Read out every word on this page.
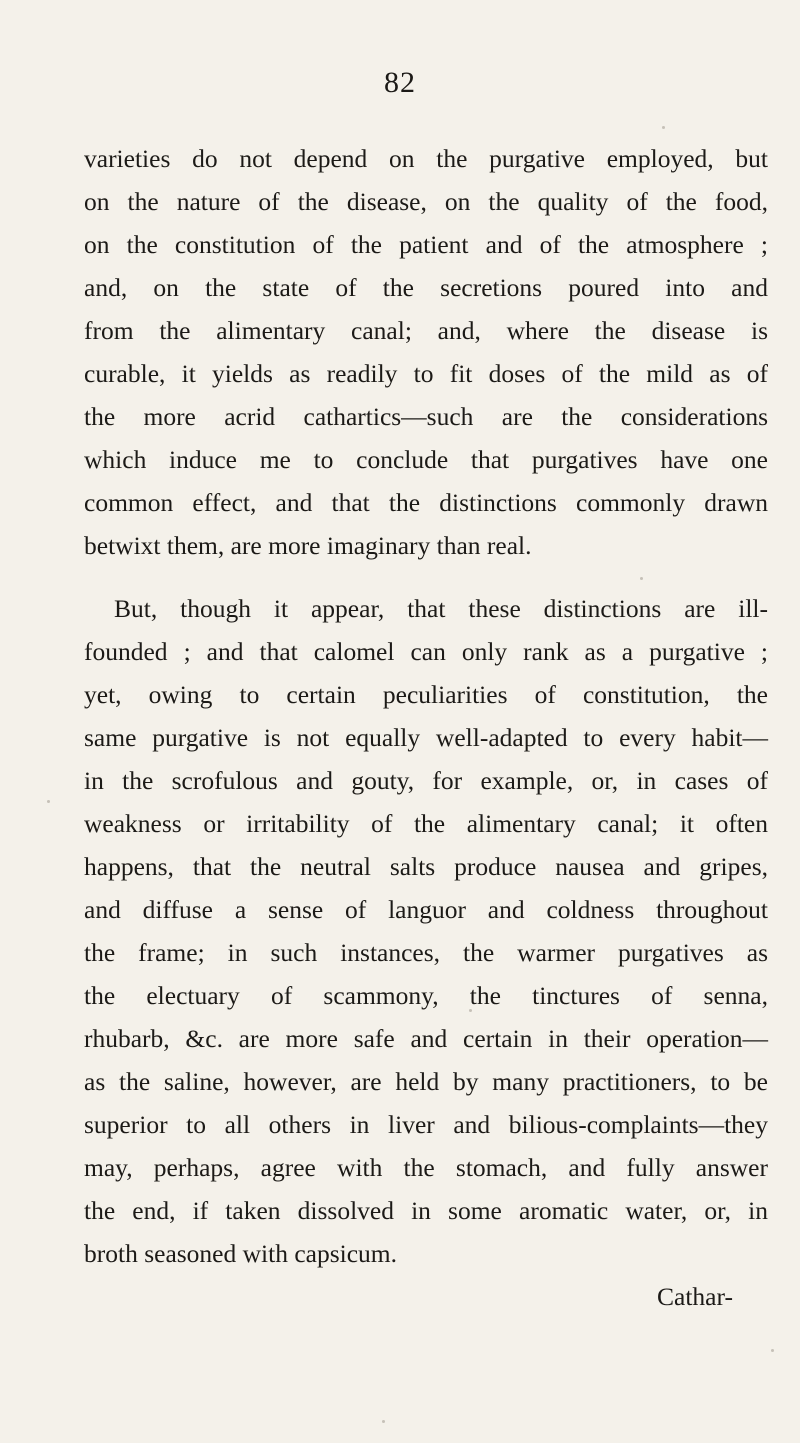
82
varieties do not depend on the purgative employed, but
on the nature of the disease, on the quality of the food,
on the constitution of the patient and of the atmosphere ;
and, on the state of the secretions poured into and
from the alimentary canal; and, where the disease is
curable, it yields as readily to fit doses of the mild as of
the more acrid cathartics—such are the considerations
which induce me to conclude that purgatives have one
common effect, and that the distinctions commonly drawn
betwixt them, are more imaginary than real.
But, though it appear, that these distinctions are ill-
founded ; and that calomel can only rank as a purgative ;
yet, owing to certain peculiarities of constitution, the
same purgative is not equally well-adapted to every habit—
in the scrofulous and gouty, for example, or, in cases of
weakness or irritability of the alimentary canal; it often
happens, that the neutral salts produce nausea and gripes,
and diffuse a sense of languor and coldness throughout
the frame; in such instances, the warmer purgatives as
the electuary of scammony, the tinctures of senna,
rhubarb, &c. are more safe and certain in their operation—
as the saline, however, are held by many practitioners, to be
superior to all others in liver and bilious-complaints—they
may, perhaps, agree with the stomach, and fully answer
the end, if taken dissolved in some aromatic water, or, in
broth seasoned with capsicum.
Cathar-
